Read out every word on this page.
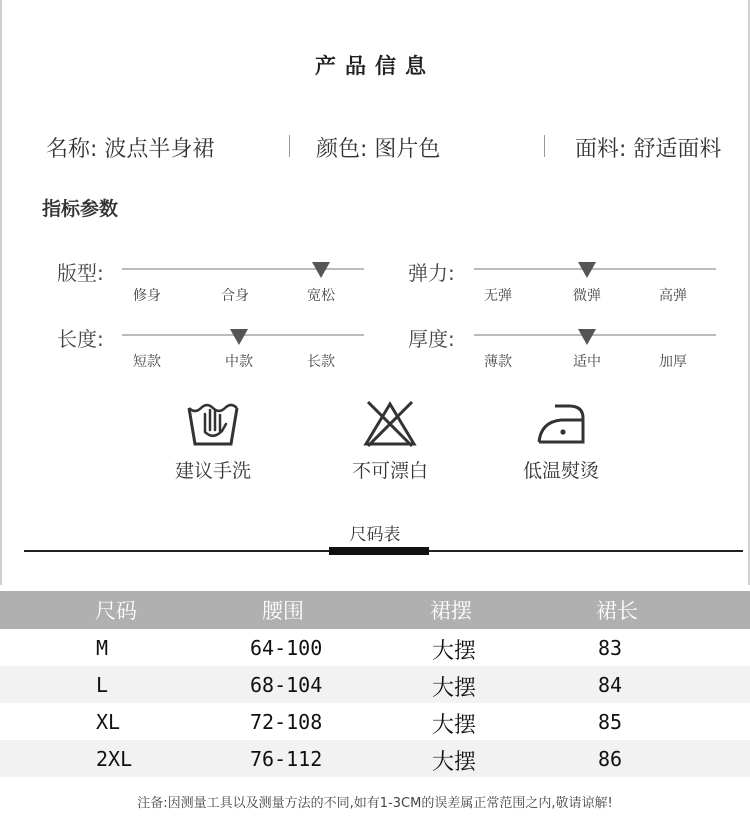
产品信息
名称: 波点半身裙	颜色: 图片色	面料: 舒适面料
指标参数
版型:
修身	合身	宽松
弹力:
无弹	微弹	高弹
长度:
短款	中款	长款
厚度:
薄款	适中	加厚
建议手洗	不可漂白	低温熨烫
尺码表
尺码	腰围	裙摆	裙长
M	64-100	大摆	83
L	68-104	大摆	84
XL	72-108	大摆	85
2XL	76-112	大摆	86
注备:因测量工具以及测量方法的不同,如有1-3CM的误差属正常范围之内,敬请谅解!
